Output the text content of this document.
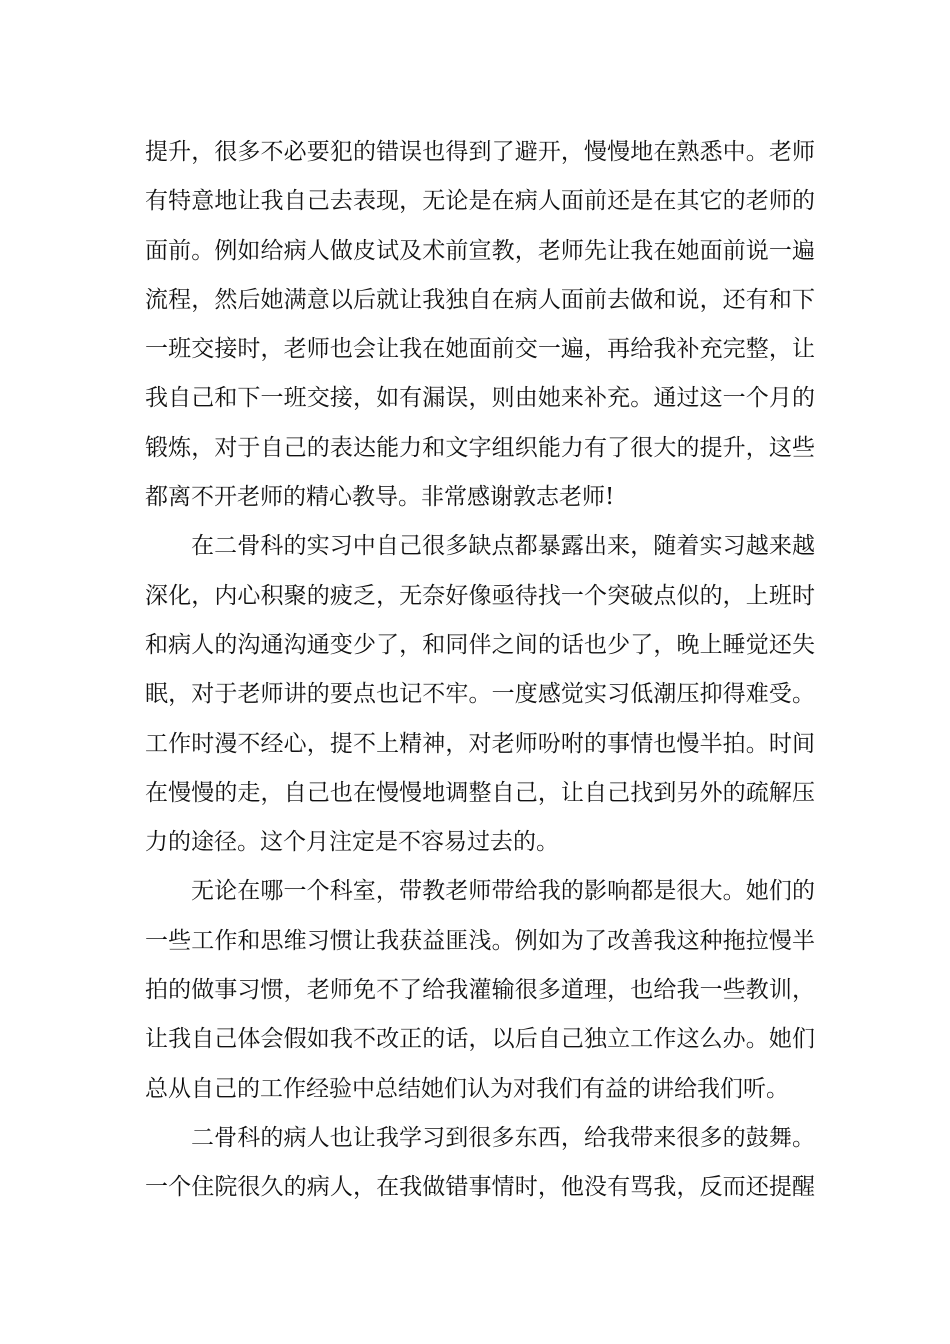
提升，很多不必要犯的错误也得到了避开，慢慢地在熟悉中。老师
有特意地让我自己去表现，无论是在病人面前还是在其它的老师的
面前。例如给病人做皮试及术前宣教，老师先让我在她面前说一遍
流程，然后她满意以后就让我独自在病人面前去做和说，还有和下
一班交接时，老师也会让我在她面前交一遍，再给我补充完整，让
我自己和下一班交接，如有漏误，则由她来补充。通过这一个月的
锻炼，对于自己的表达能力和文字组织能力有了很大的提升，这些
都离不开老师的精心教导。非常感谢敦志老师!
在二骨科的实习中自己很多缺点都暴露出来，随着实习越来越
深化，内心积聚的疲乏，无奈好像亟待找一个突破点似的，上班时
和病人的沟通沟通变少了，和同伴之间的话也少了，晚上睡觉还失
眠，对于老师讲的要点也记不牢。一度感觉实习低潮压抑得难受。
工作时漫不经心，提不上精神，对老师吩咐的事情也慢半拍。时间
在慢慢的走，自己也在慢慢地调整自己，让自己找到另外的疏解压
力的途径。这个月注定是不容易过去的。
无论在哪一个科室，带教老师带给我的影响都是很大。她们的
一些工作和思维习惯让我获益匪浅。例如为了改善我这种拖拉慢半
拍的做事习惯，老师免不了给我灌输很多道理，也给我一些教训，
让我自己体会假如我不改正的话，以后自己独立工作这么办。她们
总从自己的工作经验中总结她们认为对我们有益的讲给我们听。
二骨科的病人也让我学习到很多东西，给我带来很多的鼓舞。
一个住院很久的病人，在我做错事情时，他没有骂我，反而还提醒
